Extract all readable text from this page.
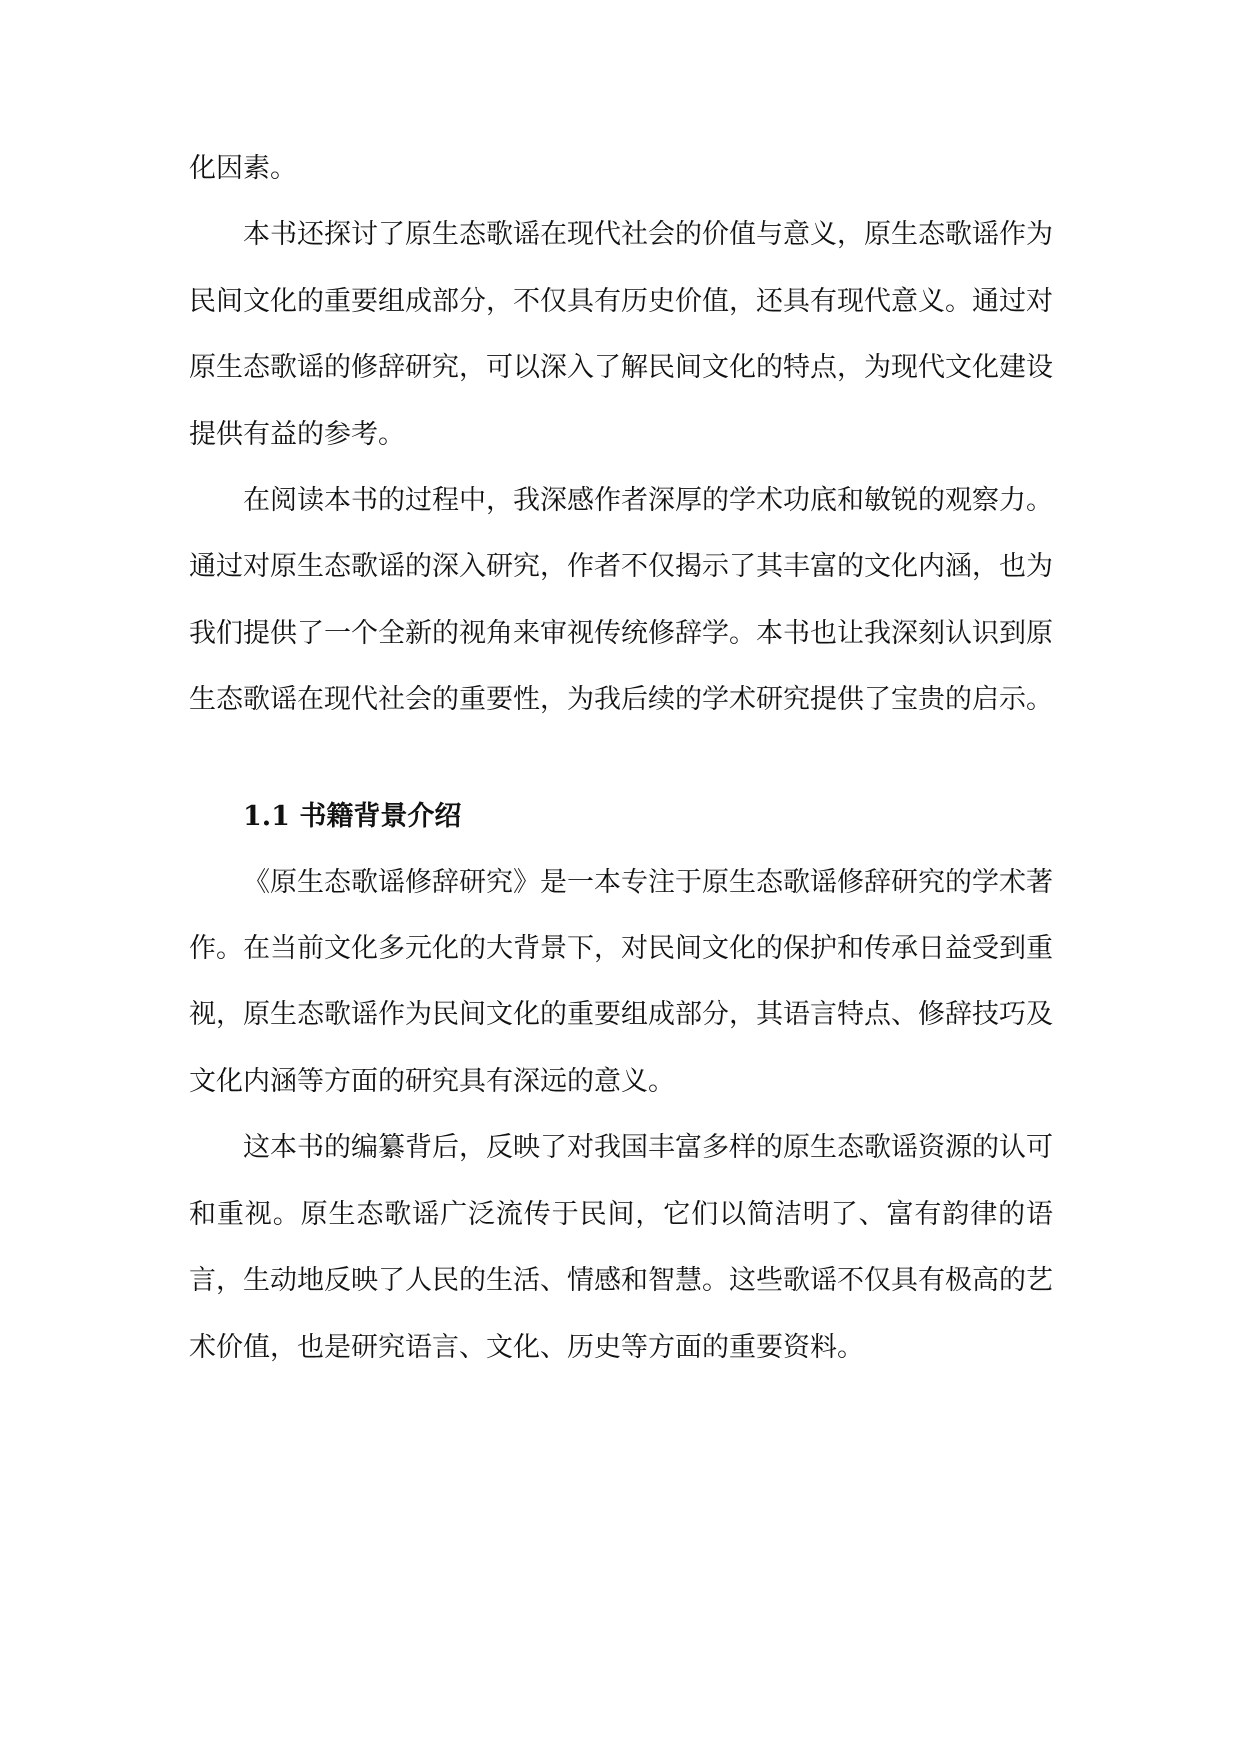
化因素。

本书还探讨了原生态歌谣在现代社会的价值与意义，原生态歌谣作为民间文化的重要组成部分，不仅具有历史价值，还具有现代意义。通过对原生态歌谣的修辞研究，可以深入了解民间文化的特点，为现代文化建设提供有益的参考。

在阅读本书的过程中，我深感作者深厚的学术功底和敏锐的观察力。通过对原生态歌谣的深入研究，作者不仅揭示了其丰富的文化内涵，也为我们提供了一个全新的视角来审视传统修辞学。本书也让我深刻认识到原生态歌谣在现代社会的重要性，为我后续的学术研究提供了宝贵的启示。

1.1 书籍背景介绍

《原生态歌谣修辞研究》是一本专注于原生态歌谣修辞研究的学术著作。在当前文化多元化的大背景下，对民间文化的保护和传承日益受到重视，原生态歌谣作为民间文化的重要组成部分，其语言特点、修辞技巧及文化内涵等方面的研究具有深远的意义。

这本书的编纂背后，反映了对我国丰富多样的原生态歌谣资源的认可和重视。原生态歌谣广泛流传于民间，它们以简洁明了、富有韵律的语言，生动地反映了人民的生活、情感和智慧。这些歌谣不仅具有极高的艺术价值，也是研究语言、文化、历史等方面的重要资料。
